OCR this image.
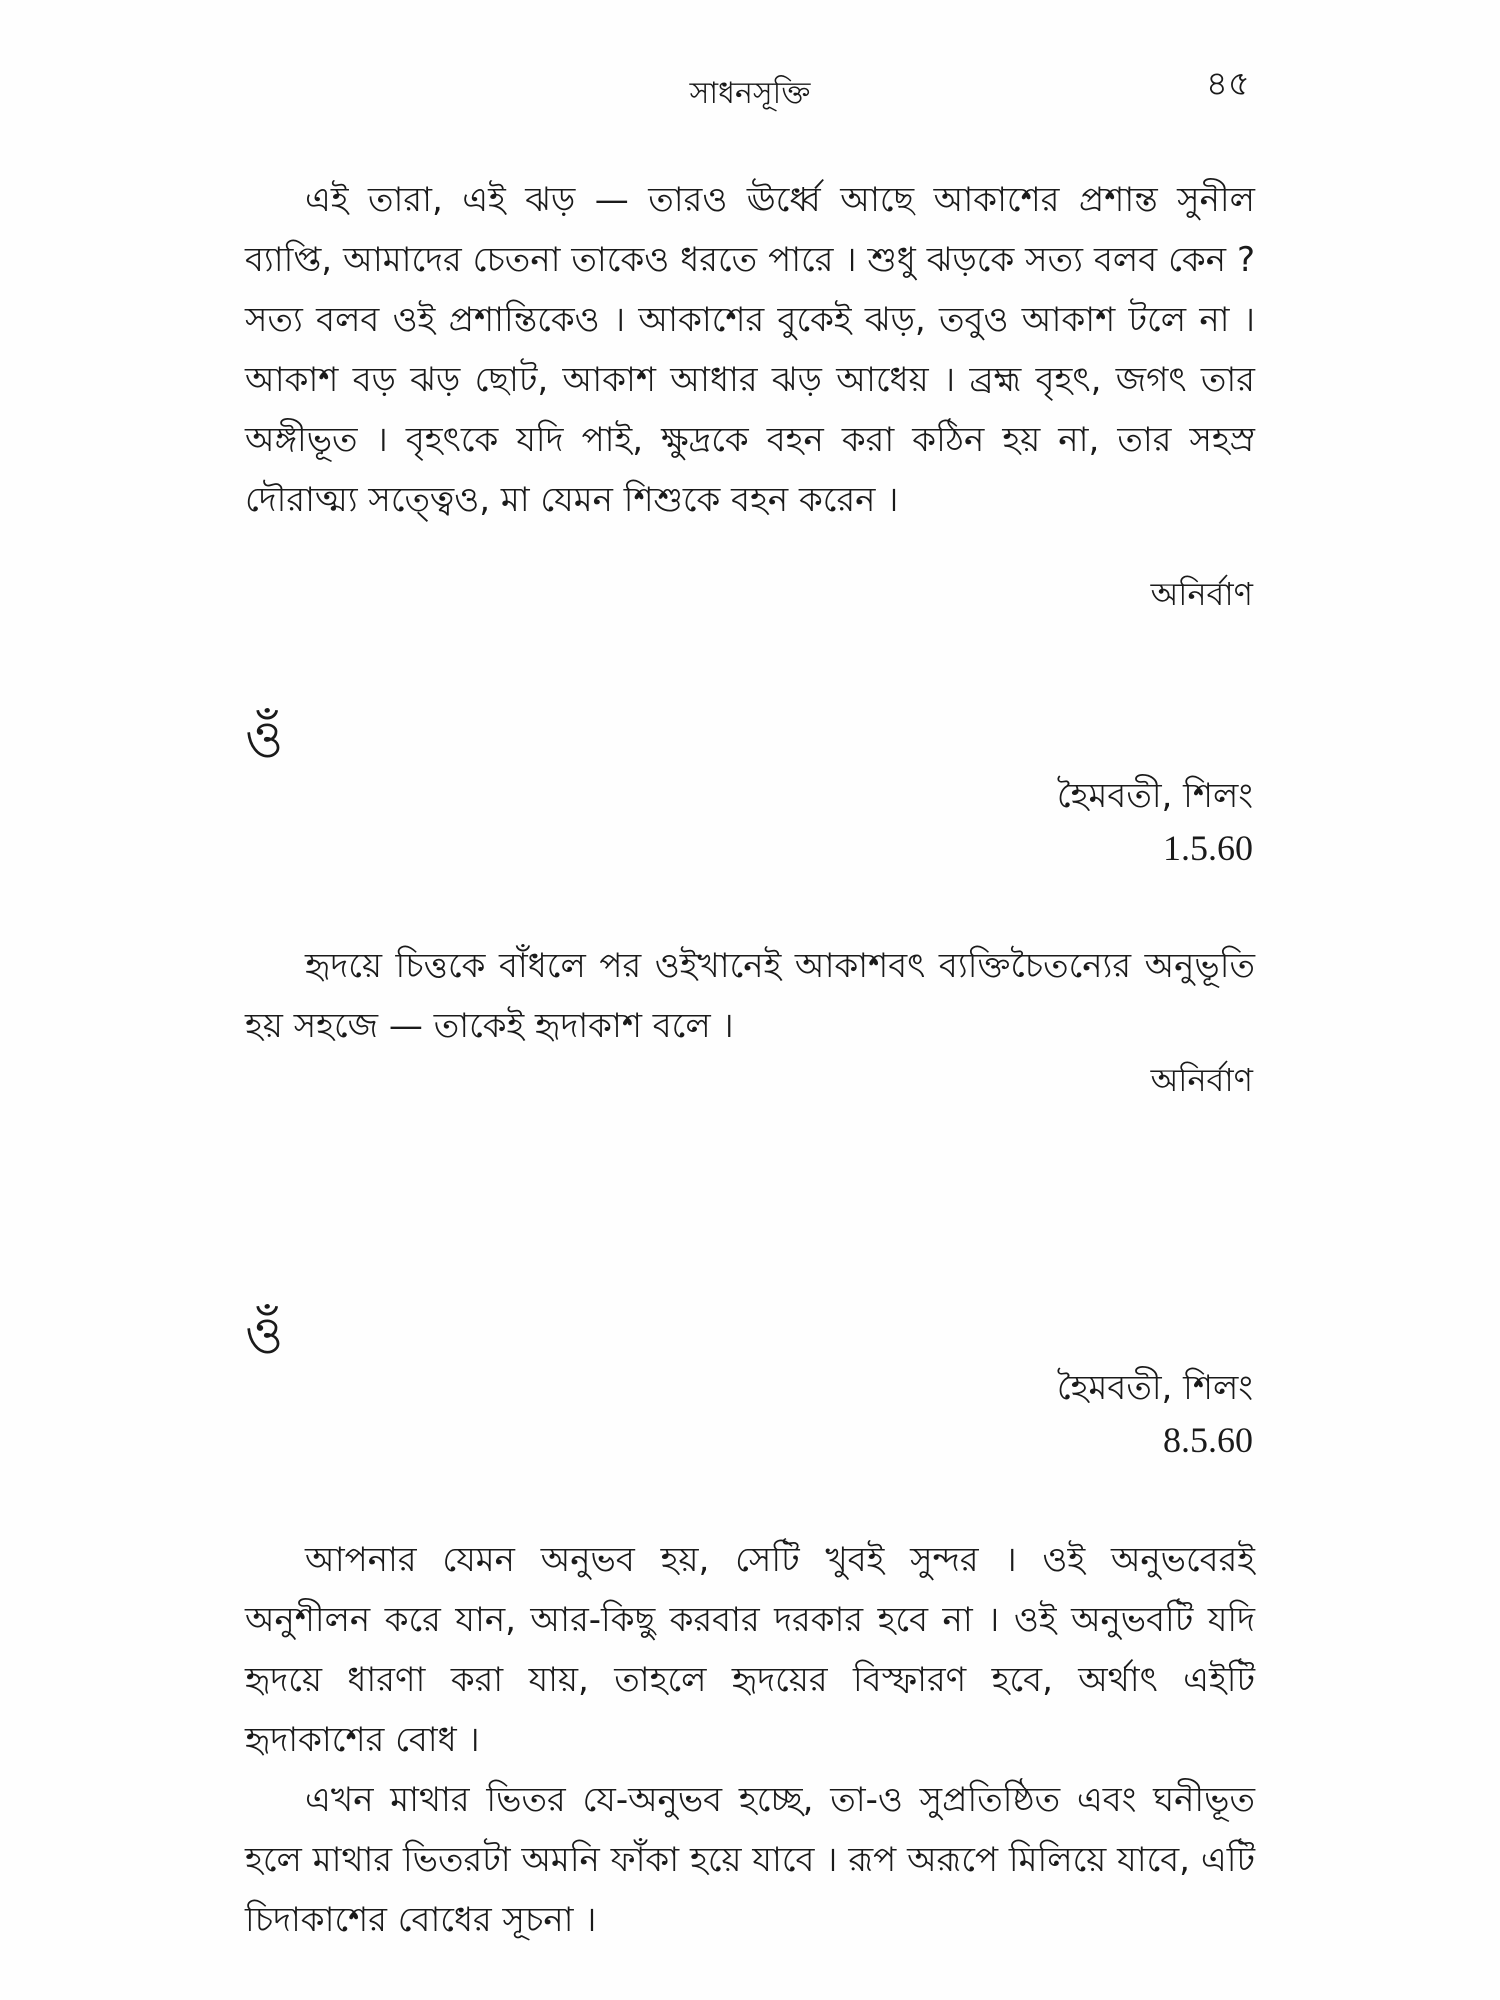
সাধনসূক্তি	৪৫

এই তারা, এই ঝড় — তারও ঊর্ধ্বে আছে আকাশের প্রশান্ত সুনীল ব্যাপ্তি, আমাদের চেতনা তাকেও ধরতে পারে । শুধু ঝড়কে সত্য বলব কেন ? সত্য বলব ওই প্রশান্তিকেও । আকাশের বুকেই ঝড়, তবুও আকাশ টলে না । আকাশ বড় ঝড় ছোট, আকাশ আধার ঝড় আধেয় । ব্রহ্ম বৃহৎ, জগৎ তার অঙ্গীভূত । বৃহৎকে যদি পাই, ক্ষুদ্রকে বহন করা কঠিন হয় না, তার সহস্র দৌরাত্ম্য সত্ত্বেও, মা যেমন শিশুকে বহন করেন ।

অনির্বাণ
ওঁ
হৈমবতী, শিলং
1.5.60

হৃদয়ে চিত্তকে বাঁধলে পর ওইখানেই আকাশবৎ ব্যক্তিচৈতন্যের অনুভূতি হয় সহজে — তাকেই হৃদাকাশ বলে ।

অনির্বাণ
ওঁ
হৈমবতী, শিলং
8.5.60

আপনার যেমন অনুভব হয়, সেটি খুবই সুন্দর । ওই অনুভবেরই অনুশীলন করে যান, আর-কিছু করবার দরকার হবে না । ওই অনুভবটি যদি হৃদয়ে ধারণা করা যায়, তাহলে হৃদয়ের বিস্ফারণ হবে, অর্থাৎ এইটি হৃদাকাশের বোধ ।

এখন মাথার ভিতর যে-অনুভব হচ্ছে, তা-ও সুপ্রতিষ্ঠিত এবং ঘনীভূত হলে মাথার ভিতরটা অমনি ফাঁকা হয়ে যাবে । রূপ অরূপে মিলিয়ে যাবে, এটি চিদাকাশের বোধের সূচনা ।
